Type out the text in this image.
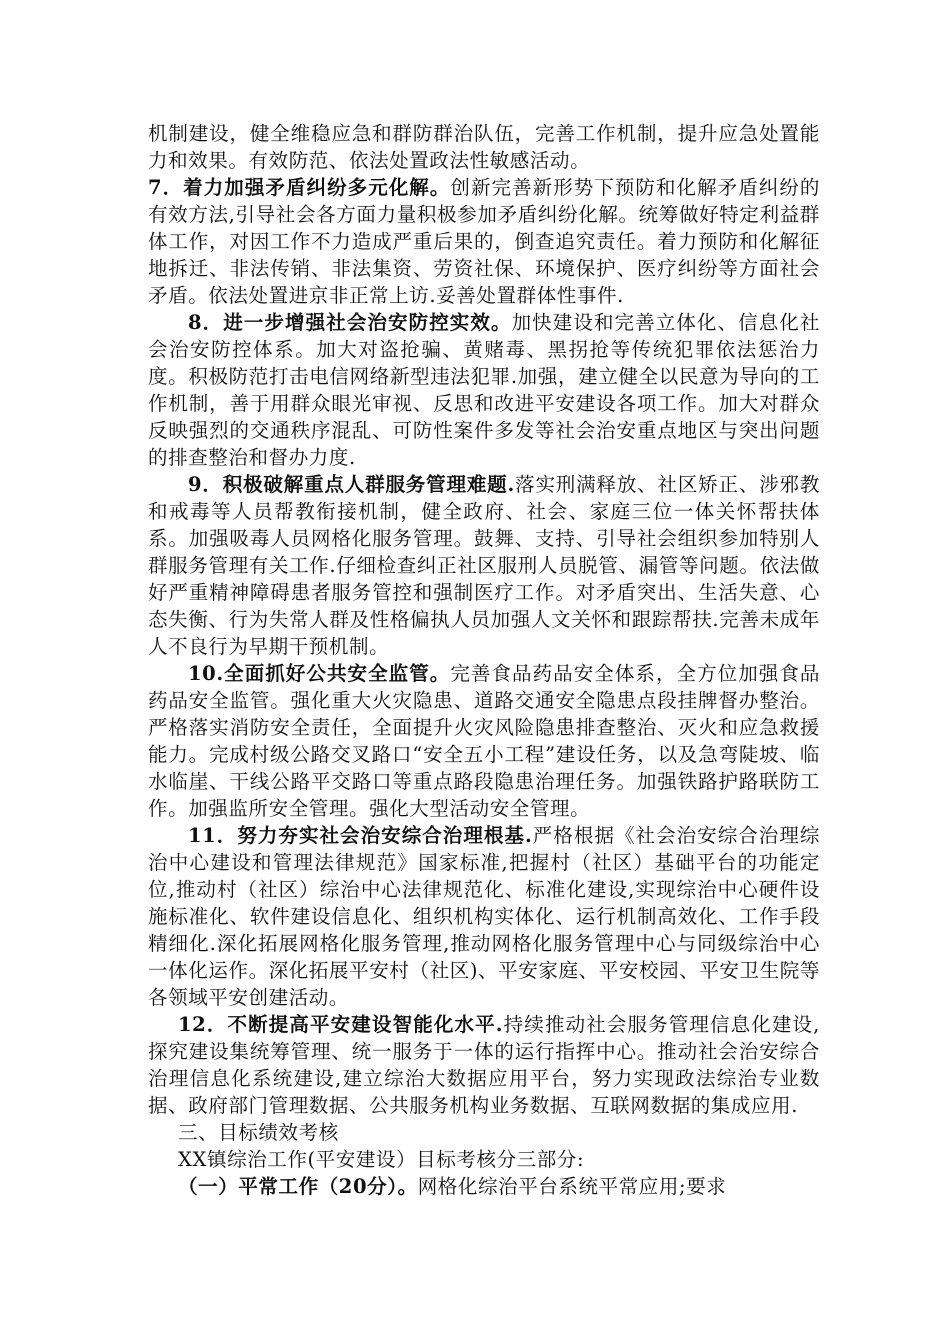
机制建设，健全维稳应急和群防群治队伍，完善工作机制，提升应急处置能力和效果。有效防范、依法处置政法性敏感活动。

7．着力加强矛盾纠纷多元化解。创新完善新形势下预防和化解矛盾纠纷的有效方法,引导社会各方面力量积极参加矛盾纠纷化解。统筹做好特定利益群体工作，对因工作不力造成严重后果的，倒查追究责任。着力预防和化解征地拆迁、非法传销、非法集资、劳资社保、环境保护、医疗纠纷等方面社会矛盾。依法处置进京非正常上访.妥善处置群体性事件.

8．进一步增强社会治安防控实效。加快建设和完善立体化、信息化社会治安防控体系。加大对盗抢骗、黄赌毒、黑拐抢等传统犯罪依法惩治力度。积极防范打击电信网络新型违法犯罪.加强，建立健全以民意为导向的工作机制，善于用群众眼光审视、反思和改进平安建设各项工作。加大对群众反映强烈的交通秩序混乱、可防性案件多发等社会治安重点地区与突出问题的排查整治和督办力度.

9．积极破解重点人群服务管理难题.落实刑满释放、社区矫正、涉邪教和戒毒等人员帮教衔接机制，健全政府、社会、家庭三位一体关怀帮扶体系。加强吸毒人员网格化服务管理。鼓舞、支持、引导社会组织参加特别人群服务管理有关工作.仔细检查纠正社区服刑人员脱管、漏管等问题。依法做好严重精神障碍患者服务管控和强制医疗工作。对矛盾突出、生活失意、心态失衡、行为失常人群及性格偏执人员加强人文关怀和跟踪帮扶.完善未成年人不良行为早期干预机制。

10.全面抓好公共安全监管。完善食品药品安全体系，全方位加强食品药品安全监管。强化重大火灾隐患、道路交通安全隐患点段挂牌督办整治。严格落实消防安全责任，全面提升火灾风险隐患排查整治、灭火和应急救援能力。完成村级公路交叉路口“安全五小工程”建设任务，以及急弯陡坡、临水临崖、干线公路平交路口等重点路段隐患治理任务。加强铁路护路联防工作。加强监所安全管理。强化大型活动安全管理。

11．努力夯实社会治安综合治理根基.严格根据《社会治安综合治理综治中心建设和管理法律规范》国家标准,把握村（社区）基础平台的功能定位,推动村（社区）综治中心法律规范化、标准化建设,实现综治中心硬件设施标准化、软件建设信息化、组织机构实体化、运行机制高效化、工作手段精细化.深化拓展网格化服务管理,推动网格化服务管理中心与同级综治中心一体化运作。深化拓展平安村（社区)、平安家庭、平安校园、平安卫生院等各领域平安创建活动。

12．不断提高平安建设智能化水平.持续推动社会服务管理信息化建设,探究建设集统筹管理、统一服务于一体的运行指挥中心。推动社会治安综合治理信息化系统建设,建立综治大数据应用平台，努力实现政法综治专业数据、政府部门管理数据、公共服务机构业务数据、互联网数据的集成应用.

三、目标绩效考核

XX镇综治工作(平安建设）目标考核分三部分:

（一）平常工作（20分）。网格化综治平台系统平常应用;要求
